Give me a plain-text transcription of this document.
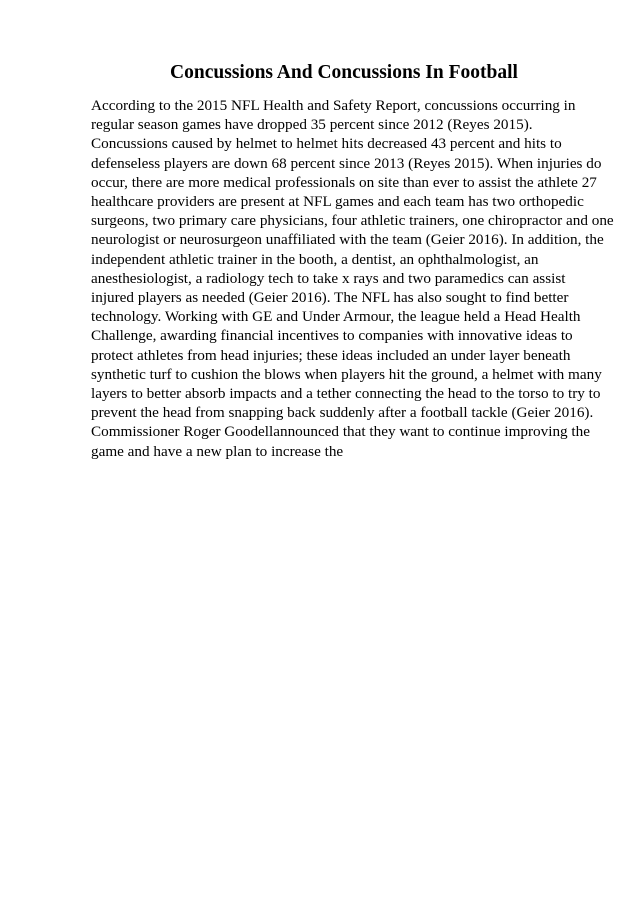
Concussions And Concussions In Football
According to the 2015 NFL Health and Safety Report, concussions occurring in
regular season games have dropped 35 percent since 2012 (Reyes 2015).
Concussions caused by helmet to helmet hits decreased 43 percent and hits to
defenseless players are down 68 percent since 2013 (Reyes 2015). When injuries do
occur, there are more medical professionals on site than ever to assist the athlete 27
healthcare providers are present at NFL games and each team has two orthopedic
surgeons, two primary care physicians, four athletic trainers, one chiropractor and one
neurologist or neurosurgeon unaffiliated with the team (Geier 2016). In addition, the
independent athletic trainer in the booth, a dentist, an ophthalmologist, an
anesthesiologist, a radiology tech to take x rays and two paramedics can assist
injured players as needed (Geier 2016). The NFL has also sought to find better
technology. Working with GE and Under Armour, the league held a Head Health
Challenge, awarding financial incentives to companies with innovative ideas to
protect athletes from head injuries; these ideas included an under layer beneath
synthetic turf to cushion the blows when players hit the ground, a helmet with many
layers to better absorb impacts and a tether connecting the head to the torso to try to
prevent the head from snapping back suddenly after a football tackle (Geier 2016).
Commissioner Roger Goodellannounced that they want to continue improving the
game and have a new plan to increase the
